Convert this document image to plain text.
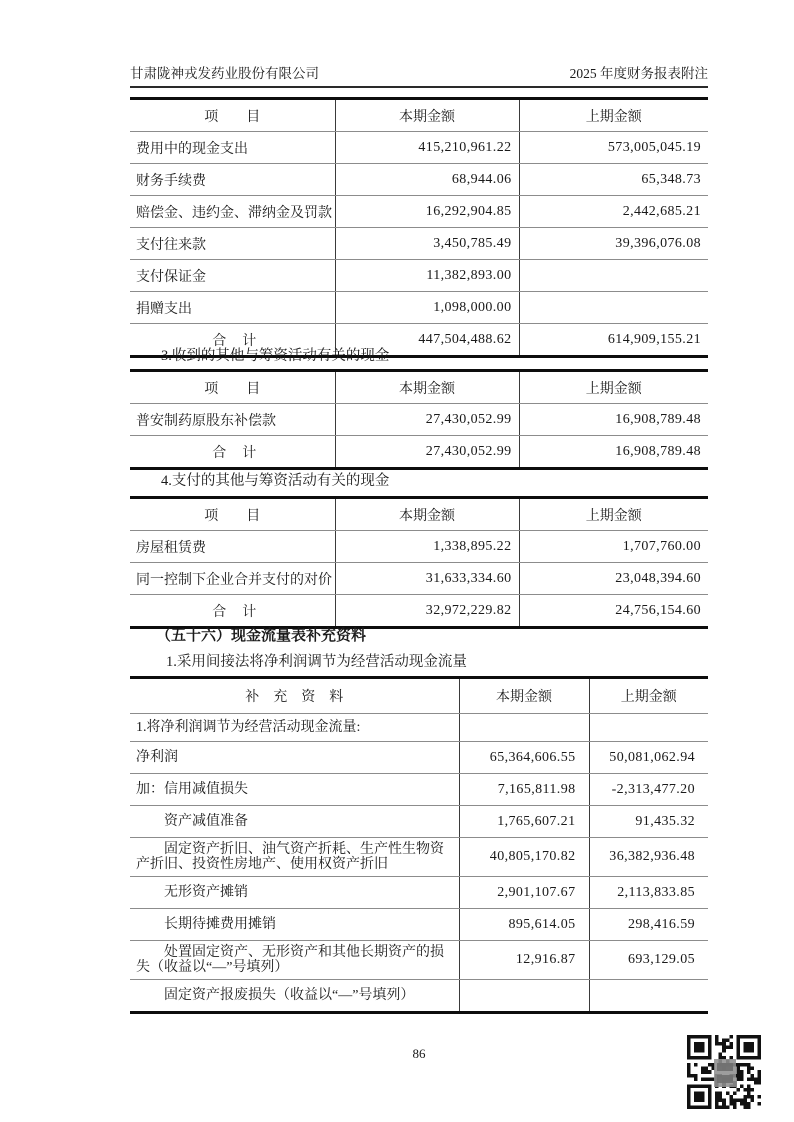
甘肃陇神戎发药业股份有限公司	2025 年度财务报表附注
项　　目	本期金额	上期金额
费用中的现金支出	415,210,961.22	573,005,045.19
财务手续费	68,944.06	65,348.73
赔偿金、违约金、滞纳金及罚款	16,292,904.85	2,442,685.21
支付往来款	3,450,785.49	39,396,076.08
支付保证金	11,382,893.00	
捐赠支出	1,098,000.00	
合　计	447,504,488.62	614,909,155.21
3.收到的其他与筹资活动有关的现金
项　　目	本期金额	上期金额
普安制药原股东补偿款	27,430,052.99	16,908,789.48
合　计	27,430,052.99	16,908,789.48
4.支付的其他与筹资活动有关的现金
项　　目	本期金额	上期金额
房屋租赁费	1,338,895.22	1,707,760.00
同一控制下企业合并支付的对价	31,633,334.60	23,048,394.60
合　计	32,972,229.82	24,756,154.60
（五十六）现金流量表补充资料
1.采用间接法将净利润调节为经营活动现金流量
补　充　资　料	本期金额	上期金额
1.将净利润调节为经营活动现金流量:		
净利润	65,364,606.55	50,081,062.94
加：信用减值损失	7,165,811.98	-2,313,477.20
资产减值准备	1,765,607.21	91,435.32
固定资产折旧、油气资产折耗、生产性生物资产折旧、投资性房地产、使用权资产折旧	40,805,170.82	36,382,936.48
无形资产摊销	2,901,107.67	2,113,833.85
长期待摊费用摊销	895,614.05	298,416.59
处置固定资产、无形资产和其他长期资产的损失（收益以“—”号填列）	12,916.87	693,129.05
固定资产报废损失（收益以“—”号填列）		
86
